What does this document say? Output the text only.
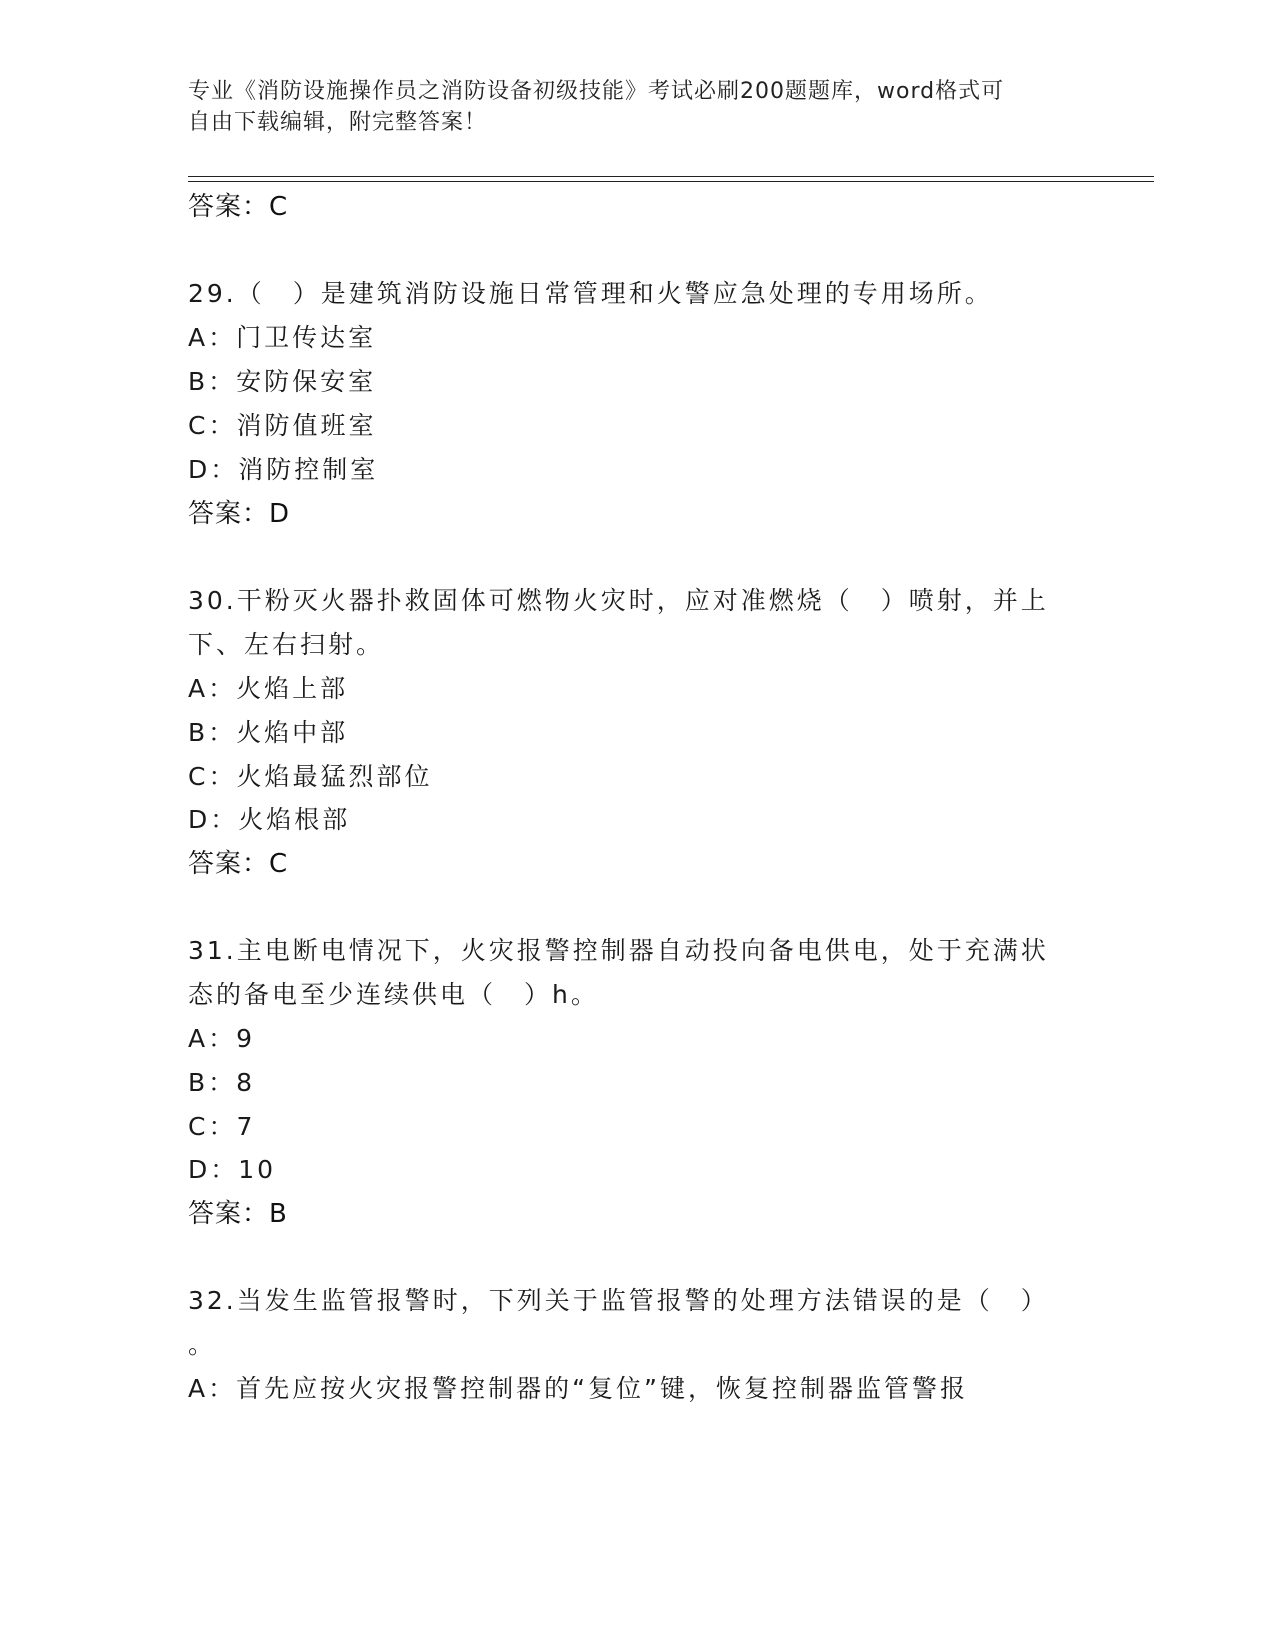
专业《消防设施操作员之消防设备初级技能》考试必刷200题题库，word格式可
自由下载编辑，附完整答案！
答案：C
29.（　）是建筑消防设施日常管理和火警应急处理的专用场所。
A：门卫传达室
B：安防保安室
C：消防值班室
D：消防控制室
答案：D
30.干粉灭火器扑救固体可燃物火灾时，应对准燃烧（　）喷射，并上
下、左右扫射。
A：火焰上部
B：火焰中部
C：火焰最猛烈部位
D：火焰根部
答案：C
31.主电断电情况下，火灾报警控制器自动投向备电供电，处于充满状
态的备电至少连续供电（　）h。
A：9
B：8
C：7
D：10
答案：B
32.当发生监管报警时，下列关于监管报警的处理方法错误的是（　）
。
A：首先应按火灾报警控制器的“复位”键，恢复控制器监管警报
